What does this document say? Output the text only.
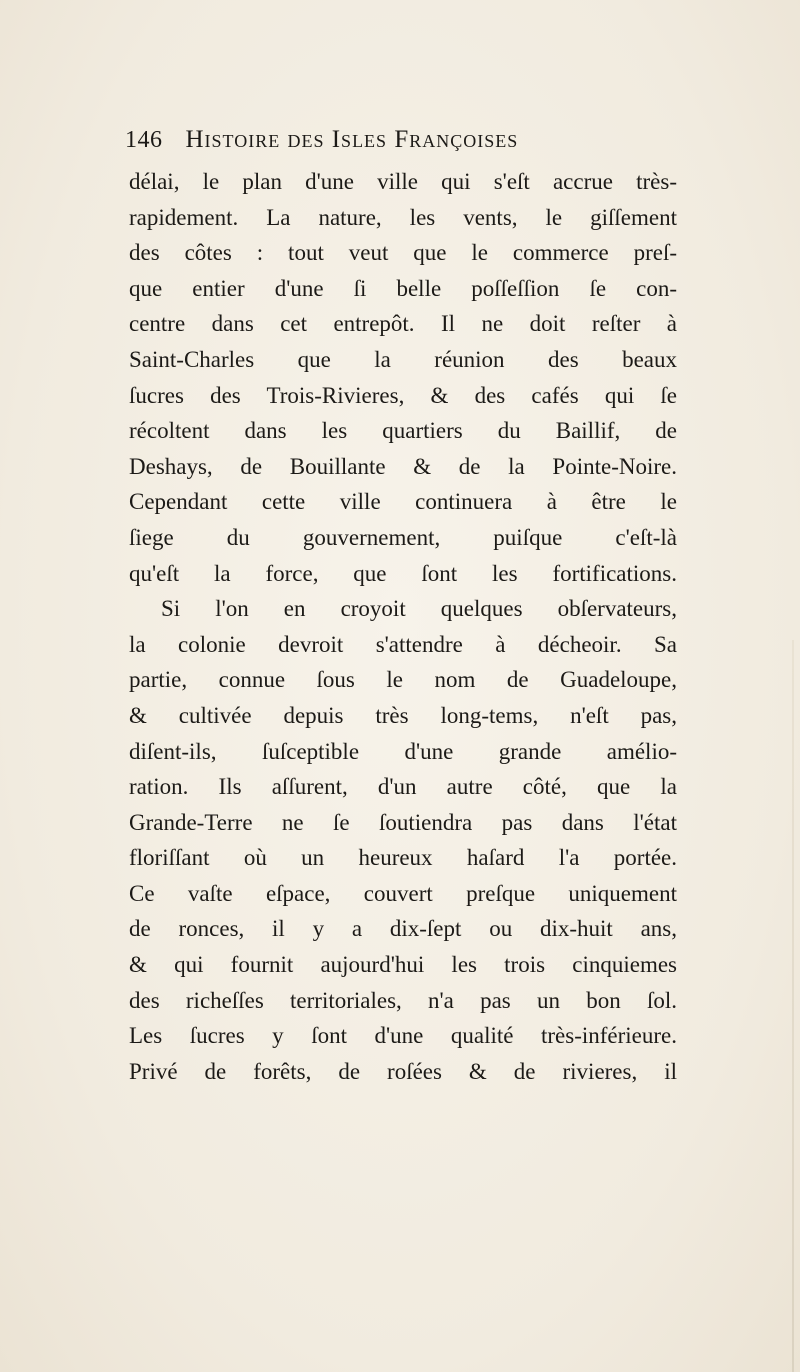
146 Histoire des Isles Françoises
délai, le plan d'une ville qui s'eſt accrue très-
rapidement. La nature, les vents, le giſſement
des côtes : tout veut que le commerce preſ-
que entier d'une ſi belle poſſeſſion ſe con-
centre dans cet entrepôt. Il ne doit reſter à
Saint-Charles que la réunion des beaux
ſucres des Trois-Rivieres, & des cafés qui ſe
récoltent dans les quartiers du Baillif, de
Deshays, de Bouillante & de la Pointe-Noire.
Cependant cette ville continuera à être le
ſiege du gouvernement, puiſque c'eſt-là
qu'eſt la force, que ſont les fortifications.
Si l'on en croyoit quelques obſervateurs,
la colonie devroit s'attendre à décheoir. Sa
partie, connue ſous le nom de Guadeloupe,
& cultivée depuis très long-tems, n'eſt pas,
diſent-ils, ſuſceptible d'une grande amélio-
ration. Ils aſſurent, d'un autre côté, que la
Grande-Terre ne ſe ſoutiendra pas dans l'état
floriſſant où un heureux haſard l'a portée.
Ce vaſte eſpace, couvert preſque uniquement
de ronces, il y a dix-ſept ou dix-huit ans,
& qui fournit aujourd'hui les trois cinquiemes
des richeſſes territoriales, n'a pas un bon ſol.
Les ſucres y ſont d'une qualité très-inférieure.
Privé de forêts, de roſées & de rivieres, il
